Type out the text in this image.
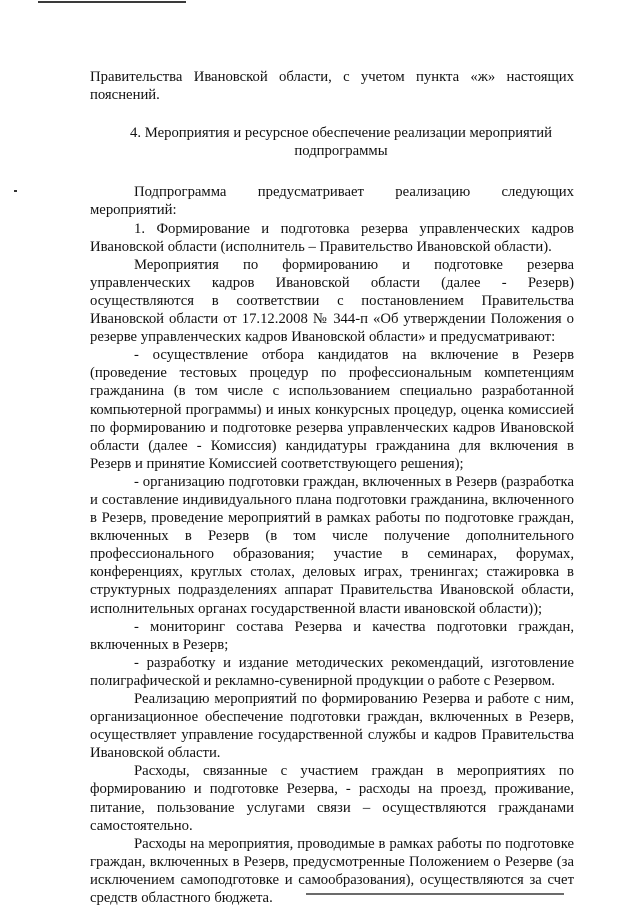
Правительства Ивановской области, с учетом пункта «ж» настоящих пояснений.

4. Мероприятия и ресурсное обеспечение реализации мероприятий подпрограммы

Подпрограмма предусматривает реализацию следующих мероприятий:

1. Формирование и подготовка резерва управленческих кадров Ивановской области (исполнитель – Правительство Ивановской области).

Мероприятия по формированию и подготовке резерва управленческих кадров Ивановской области (далее - Резерв) осуществляются в соответствии с постановлением Правительства Ивановской области от 17.12.2008 № 344-п «Об утверждении Положения о резерве управленческих кадров Ивановской области» и предусматривают:

- осуществление отбора кандидатов на включение в Резерв (проведение тестовых процедур по профессиональным компетенциям гражданина (в том числе с использованием специально разработанной компьютерной программы) и иных конкурсных процедур, оценка комиссией по формированию и подготовке резерва управленческих кадров Ивановской области (далее - Комиссия) кандидатуры гражданина для включения в Резерв и принятие Комиссией соответствующего решения);

- организацию подготовки граждан, включенных в Резерв (разработка и составление индивидуального плана подготовки гражданина, включенного в Резерв, проведение мероприятий в рамках работы по подготовке граждан, включенных в Резерв (в том числе получение дополнительного профессионального образования; участие в семинарах, форумах, конференциях, круглых столах, деловых играх, тренингах; стажировка в структурных подразделениях аппарат Правительства Ивановской области, исполнительных органах государственной власти ивановской области));

- мониторинг состава Резерва и качества подготовки граждан, включенных в Резерв;

- разработку и издание методических рекомендаций, изготовление полиграфической и рекламно-сувенирной продукции о работе с Резервом.

Реализацию мероприятий по формированию Резерва и работе с ним, организационное обеспечение подготовки граждан, включенных в Резерв, осуществляет управление государственной службы и кадров Правительства Ивановской области.

Расходы, связанные с участием граждан в мероприятиях по формированию и подготовке Резерва, - расходы на проезд, проживание, питание, пользование услугами связи – осуществляются гражданами самостоятельно.

Расходы на мероприятия, проводимые в рамках работы по подготовке граждан, включенных в Резерв, предусмотренные Положением о Резерве (за исключением самоподготовке и самообразования), осуществляются за счет средств областного бюджета.
